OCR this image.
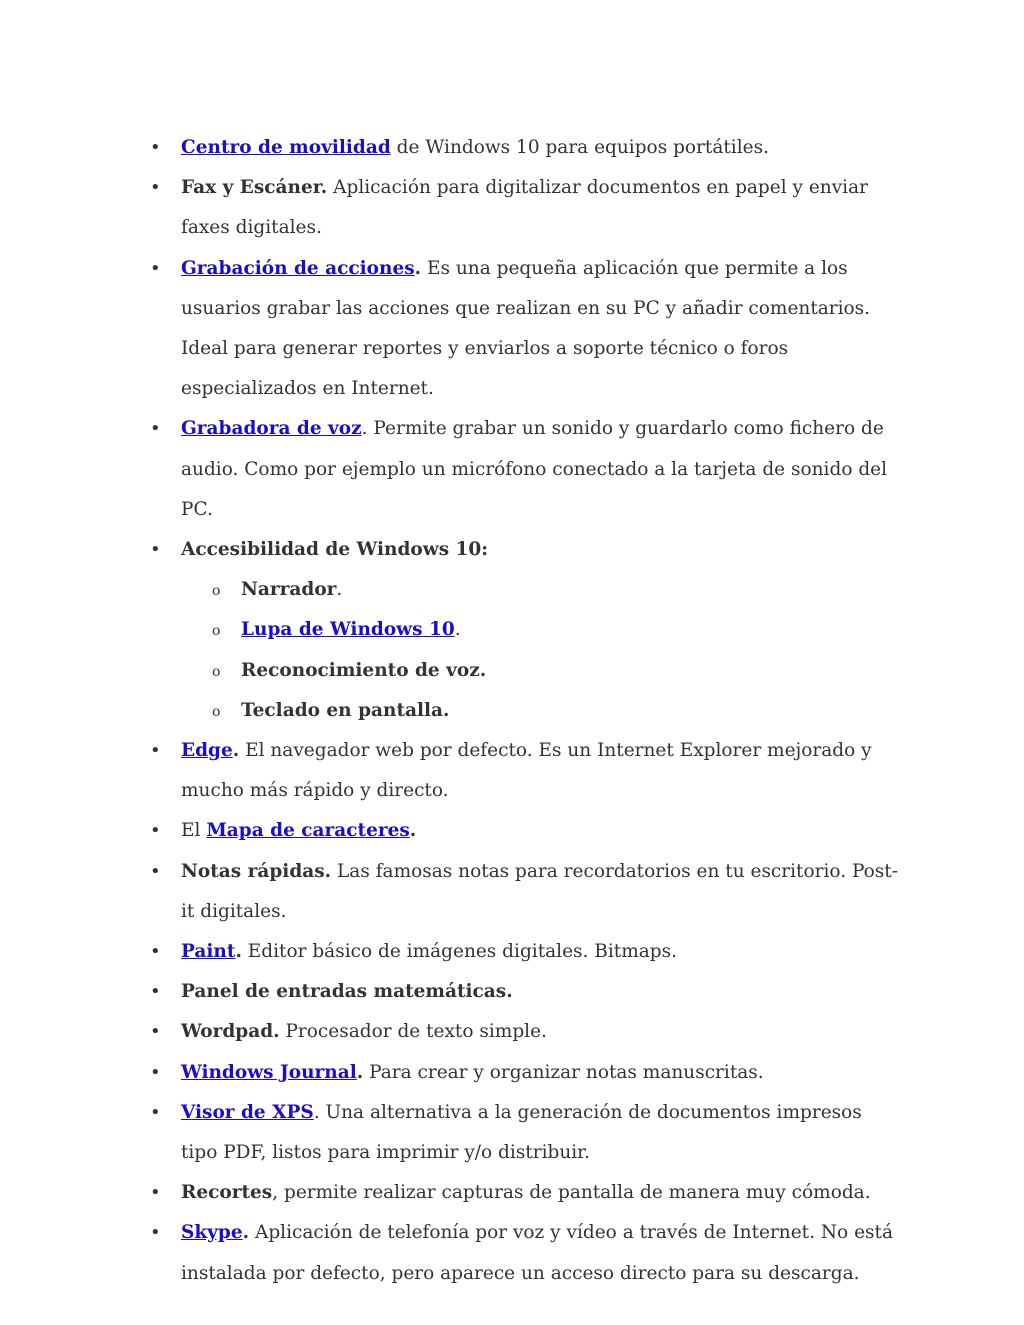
• Centro de movilidad de Windows 10 para equipos portátiles.
• Fax y Escáner. Aplicación para digitalizar documentos en papel y enviar faxes digitales.
• Grabación de acciones. Es una pequeña aplicación que permite a los usuarios grabar las acciones que realizan en su PC y añadir comentarios. Ideal para generar reportes y enviarlos a soporte técnico o foros especializados en Internet.
• Grabadora de voz. Permite grabar un sonido y guardarlo como fichero de audio. Como por ejemplo un micrófono conectado a la tarjeta de sonido del PC.
• Accesibilidad de Windows 10:
o Narrador.
o Lupa de Windows 10.
o Reconocimiento de voz.
o Teclado en pantalla.
• Edge. El navegador web por defecto. Es un Internet Explorer mejorado y mucho más rápido y directo.
• El Mapa de caracteres.
• Notas rápidas. Las famosas notas para recordatorios en tu escritorio. Post-it digitales.
• Paint. Editor básico de imágenes digitales. Bitmaps.
• Panel de entradas matemáticas.
• Wordpad. Procesador de texto simple.
• Windows Journal. Para crear y organizar notas manuscritas.
• Visor de XPS. Una alternativa a la generación de documentos impresos tipo PDF, listos para imprimir y/o distribuir.
• Recortes, permite realizar capturas de pantalla de manera muy cómoda.
• Skype. Aplicación de telefonía por voz y vídeo a través de Internet. No está instalada por defecto, pero aparece un acceso directo para su descarga.
